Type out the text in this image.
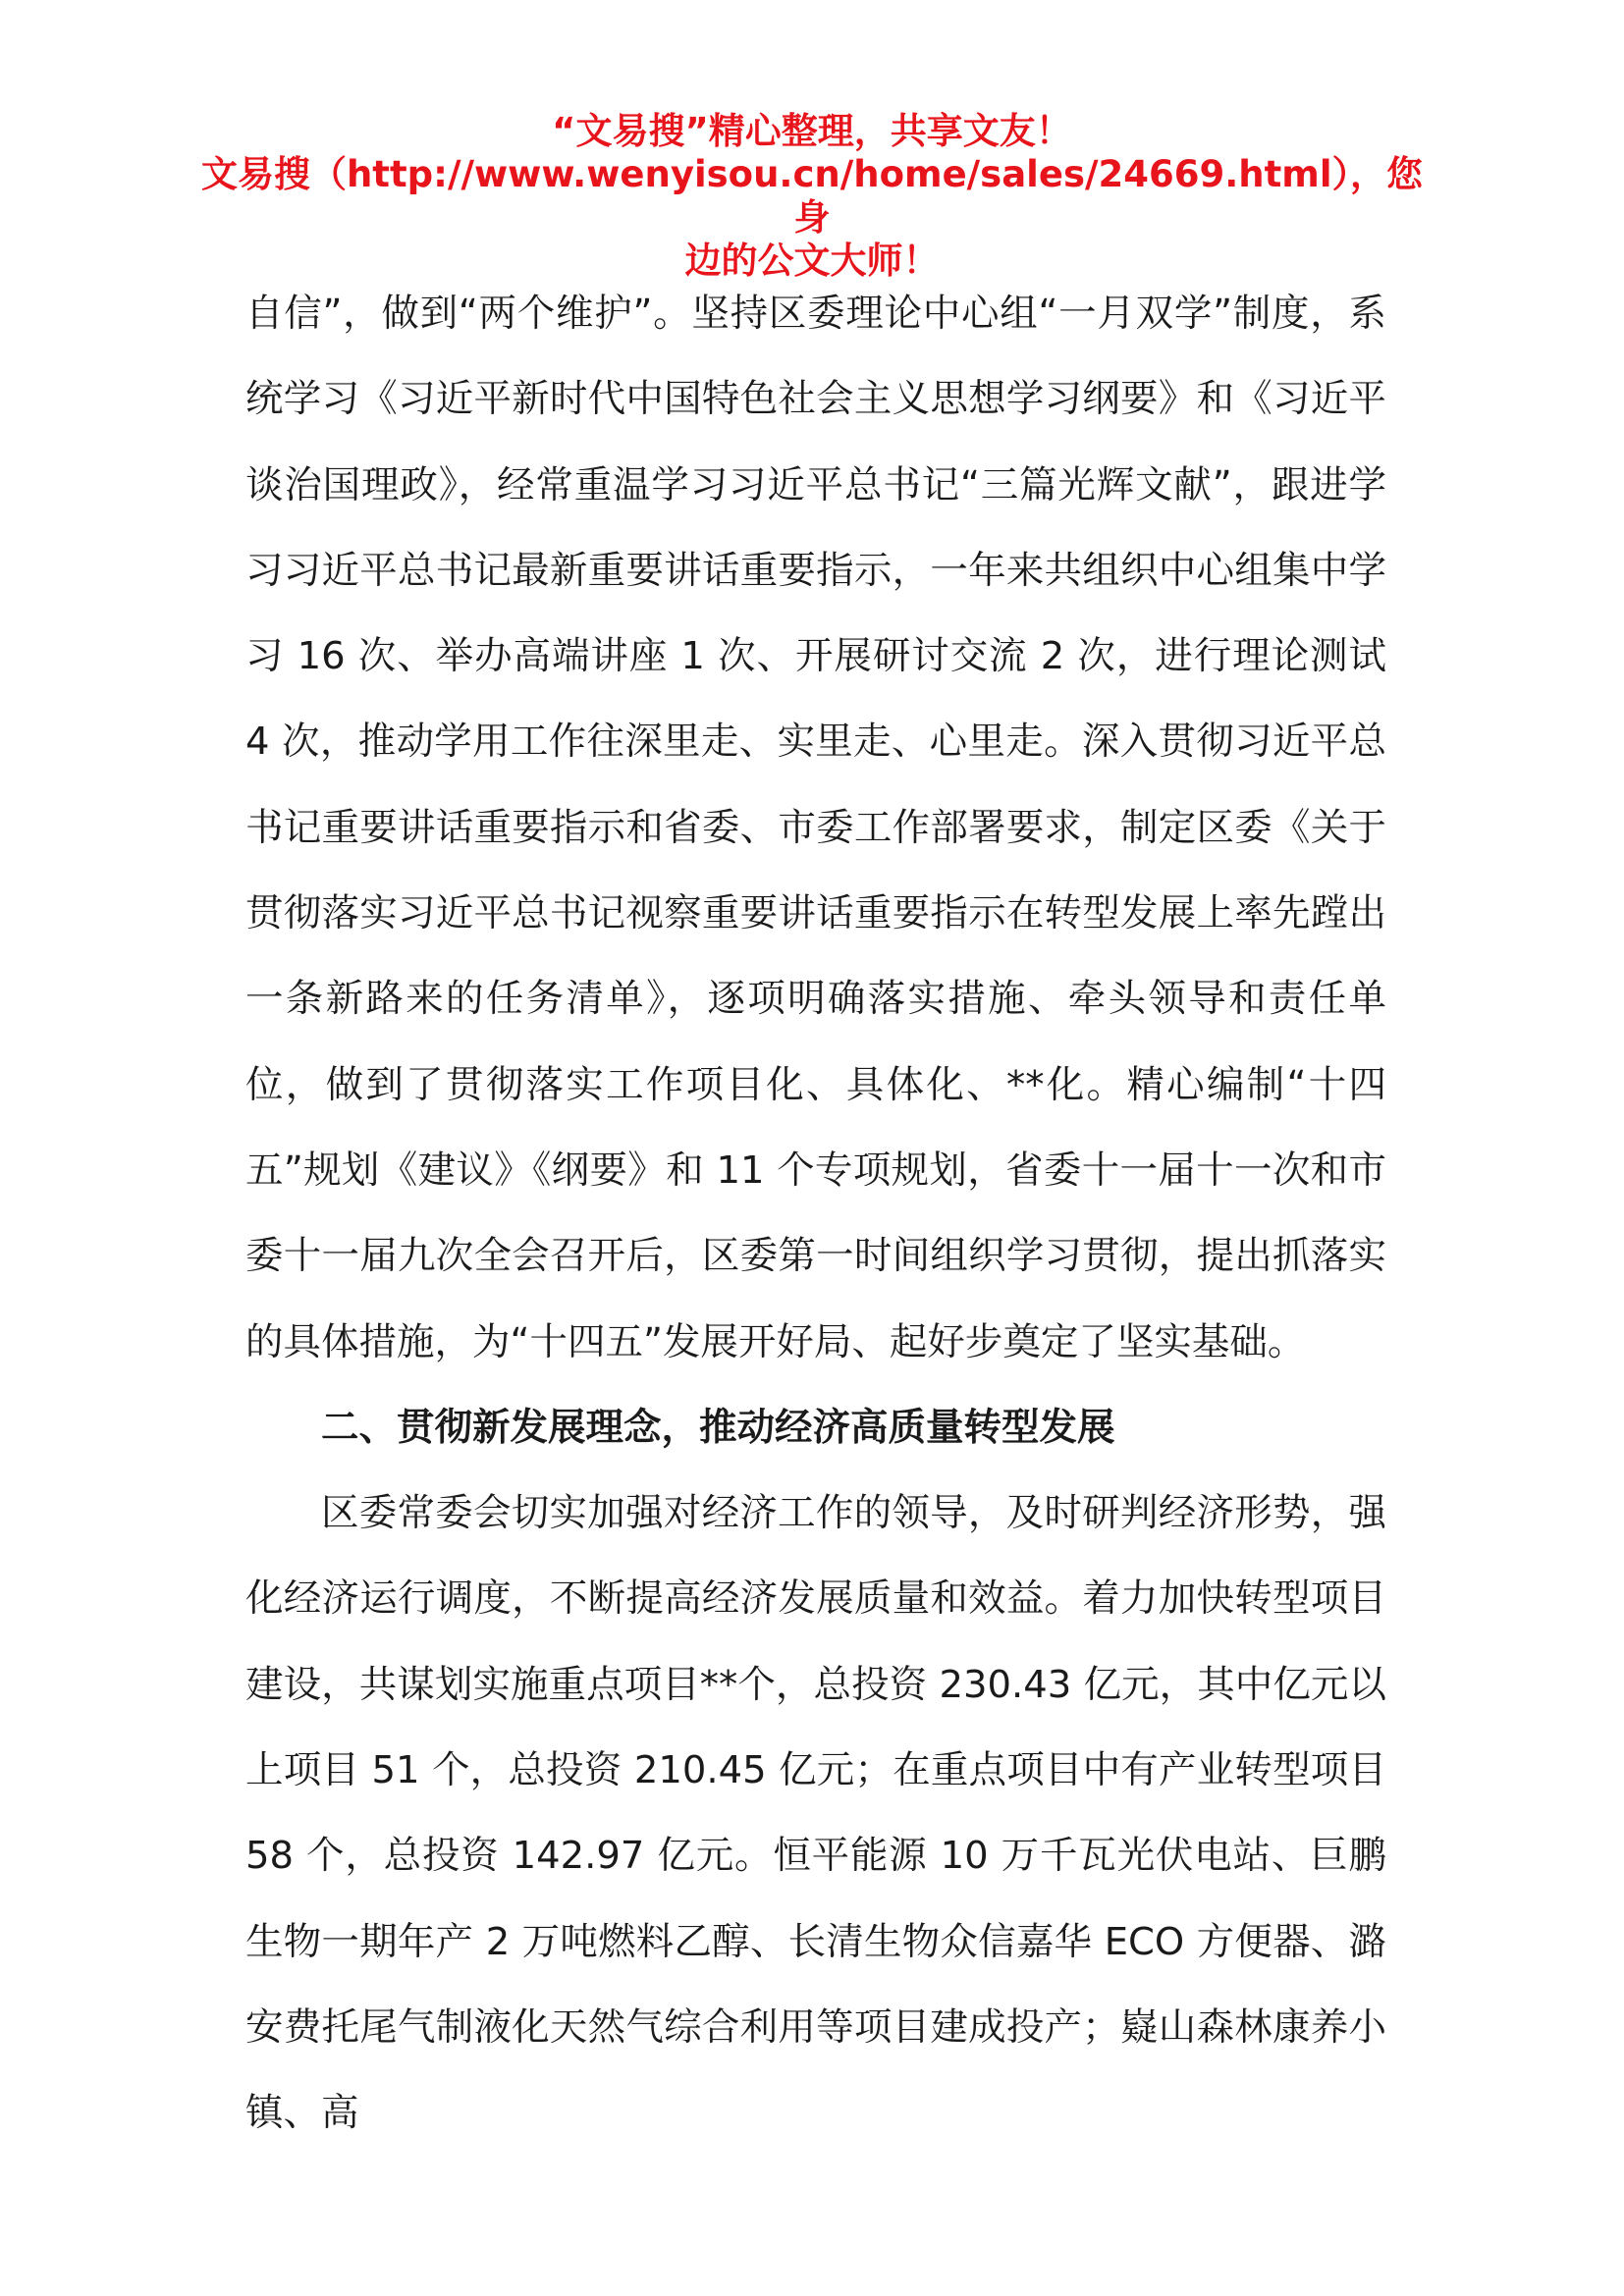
“文易搜”精心整理，共享文友！
文易搜（http://www.wenyisou.cn/home/sales/24669.html），您身
边的公文大师！

自信”，做到“两个维护”。坚持区委理论中心组“一月双学”制度，系统学习《习近平新时代中国特色社会主义思想学习纲要》和《习近平谈治国理政》，经常重温学习习近平总书记“三篇光辉文献”，跟进学习习近平总书记最新重要讲话重要指示，一年来共组织中心组集中学习 16 次、举办高端讲座 1 次、开展研讨交流 2 次，进行理论测试 4 次，推动学用工作往深里走、实里走、心里走。深入贯彻习近平总书记重要讲话重要指示和省委、市委工作部署要求，制定区委《关于贯彻落实习近平总书记视察重要讲话重要指示在转型发展上率先蹚出一条新路来的任务清单》，逐项明确落实措施、牵头领导和责任单位，做到了贯彻落实工作项目化、具体化、**化。精心编制“十四五”规划《建议》《纲要》和 11 个专项规划，省委十一届十一次和市委十一届九次全会召开后，区委第一时间组织学习贯彻，提出抓落实的具体措施，为“十四五”发展开好局、起好步奠定了坚实基础。

二、贯彻新发展理念，推动经济高质量转型发展

区委常委会切实加强对经济工作的领导，及时研判经济形势，强化经济运行调度，不断提高经济发展质量和效益。着力加快转型项目建设，共谋划实施重点项目**个，总投资 230.43 亿元，其中亿元以上项目 51 个，总投资 210.45 亿元；在重点项目中有产业转型项目 58 个，总投资 142.97 亿元。恒平能源 10 万千瓦光伏电站、巨鹏生物一期年产 2 万吨燃料乙醇、长清生物众信嘉华 ECO 方便器、潞安费托尾气制液化天然气综合利用等项目建成投产；嶷山森林康养小镇、高
